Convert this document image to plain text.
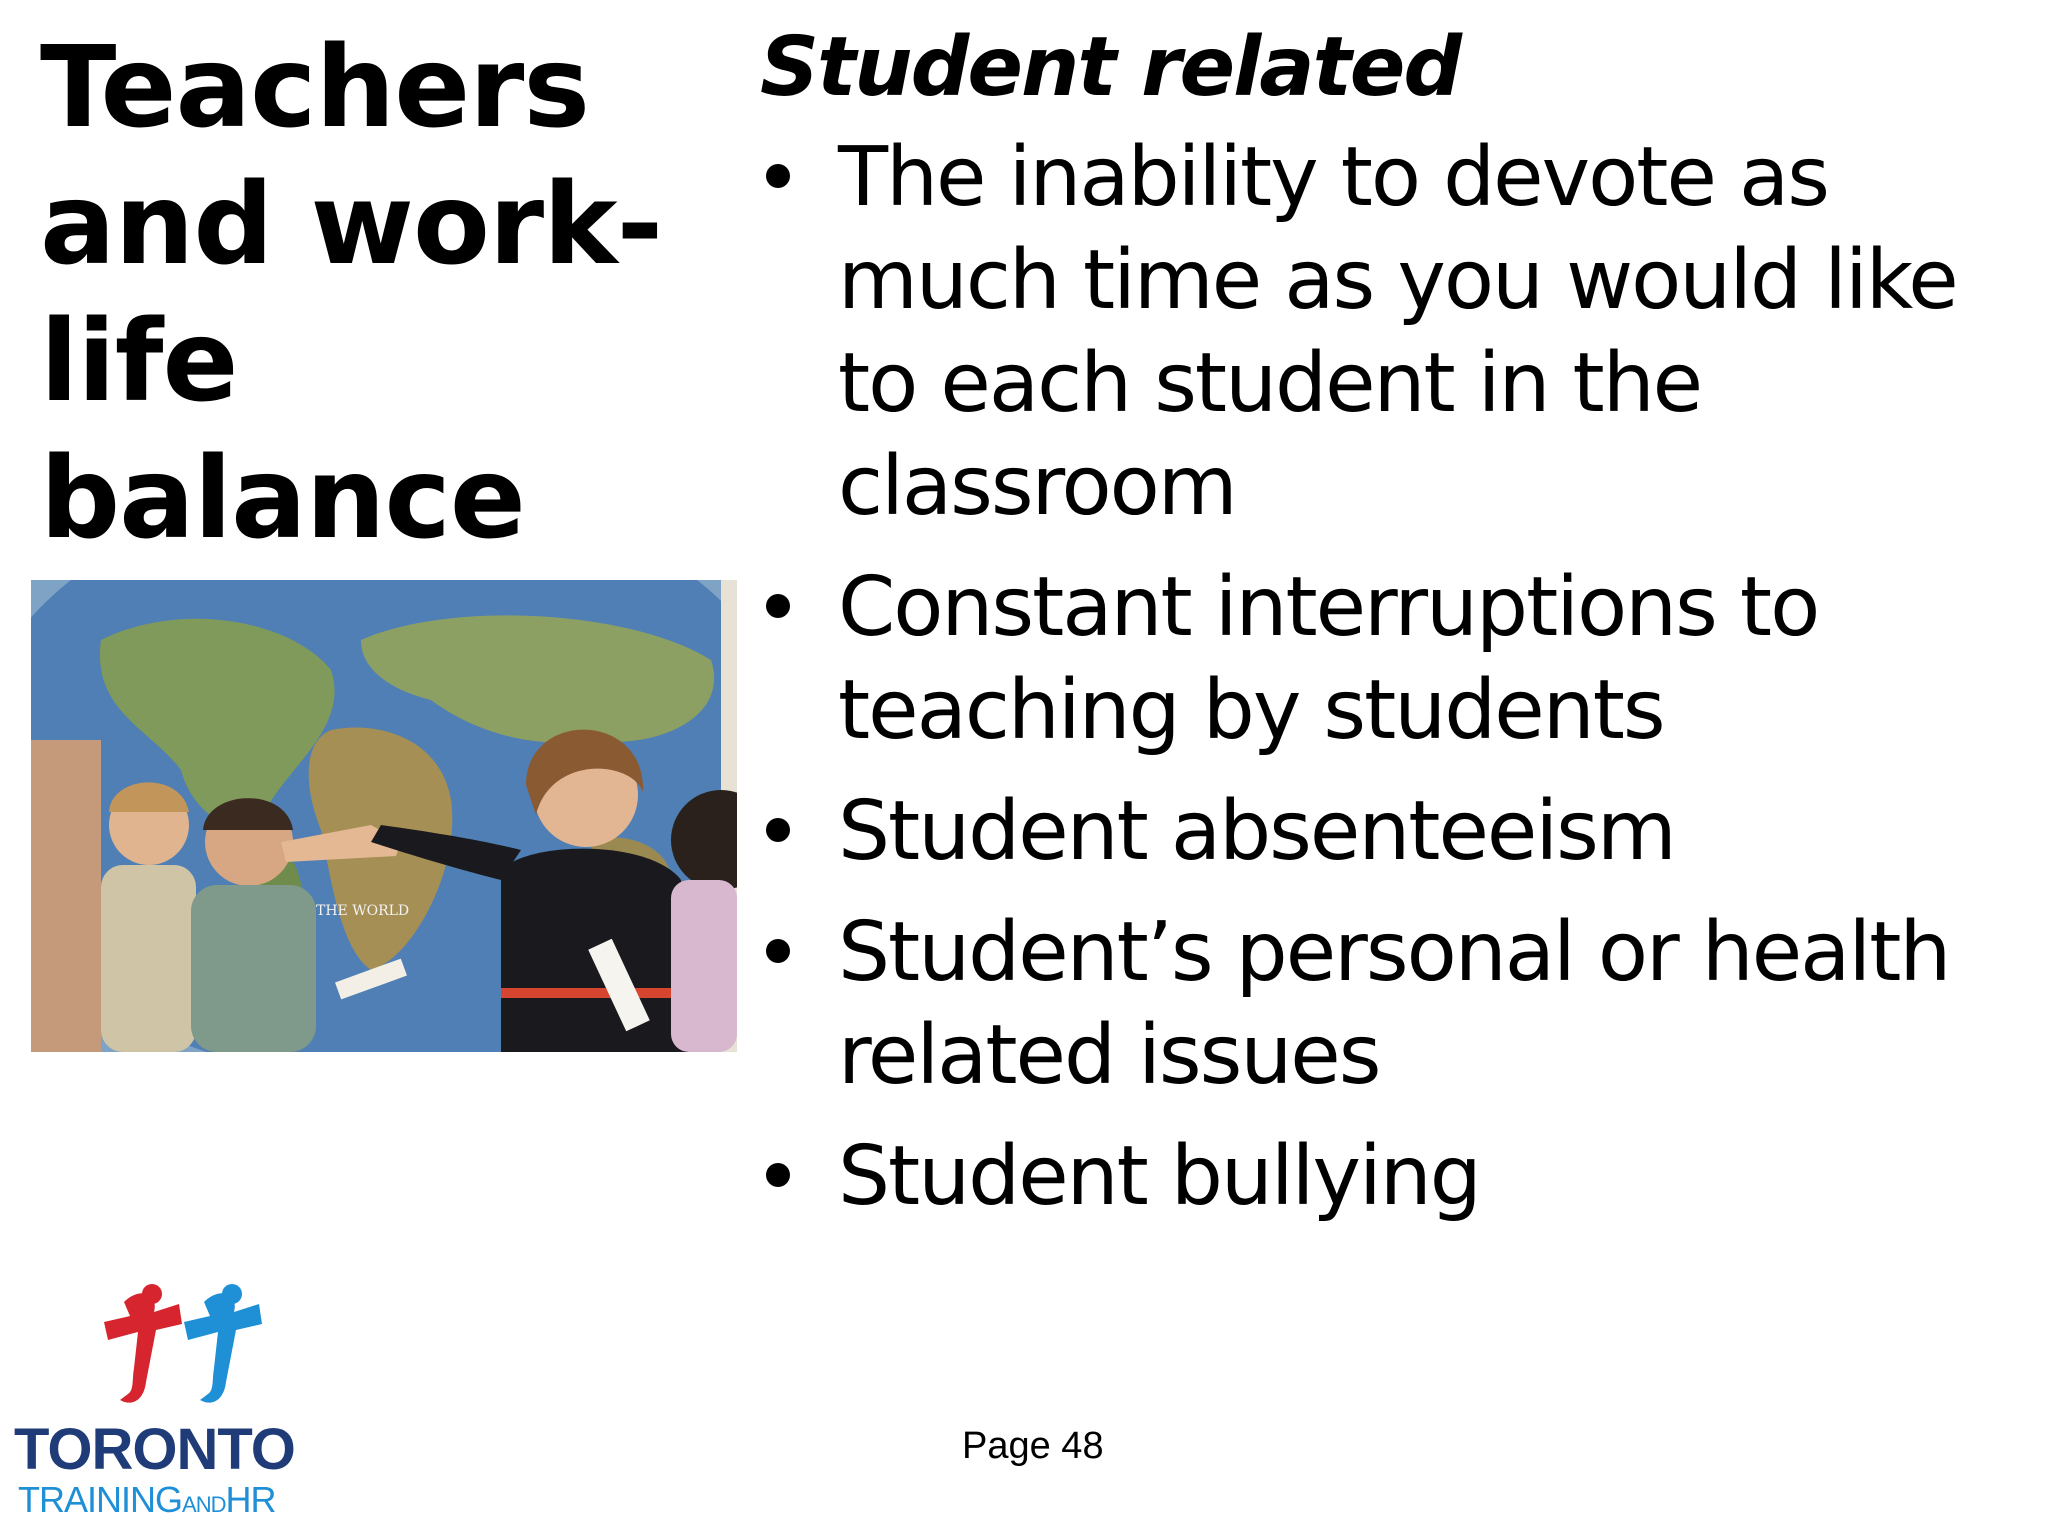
Teachers
and work-
life balance

THE WORLD
Student related
The inability to devote as much time as you would like to each student in the classroom
Constant interruptions to teaching by students
Student absenteeism
Student’s personal or health related issues
Student bullying
TORONTO
TRAININGANDHR
Page 48
